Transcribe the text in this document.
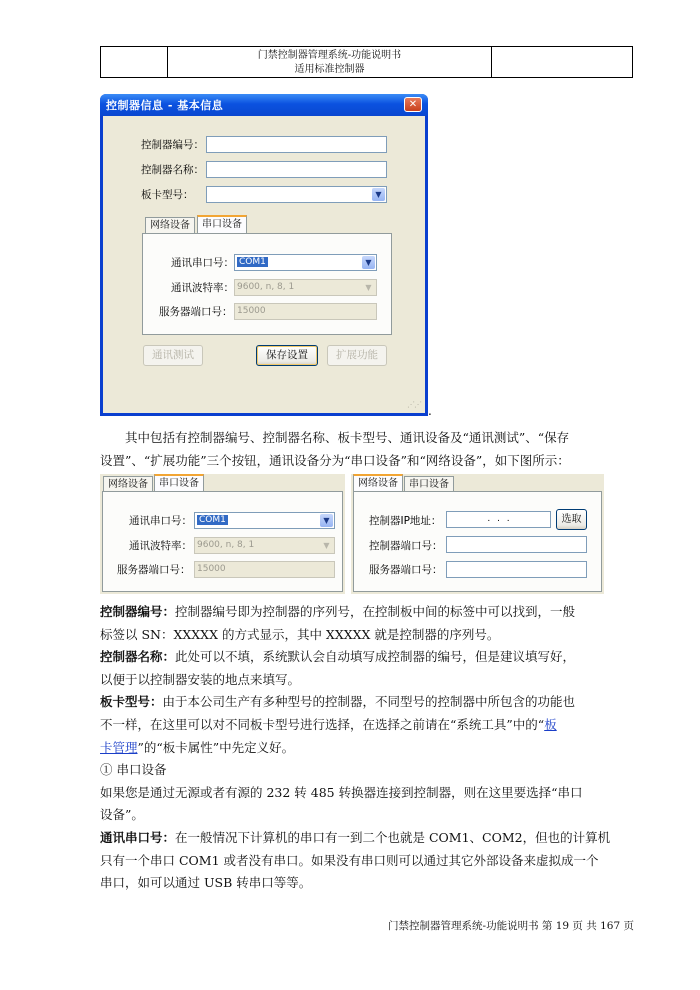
门禁控制器管理系统-功能说明书
适用标准控制器
控制器信息 - 基本信息	✕
控制器编号：
控制器名称：
板卡型号：	▼
网络设备	串口设备
通讯串口号： COM1	▼
通讯波特率： 9600, n, 8, 1	▼
服务器端口号： 15000
通讯测试	保存设置	扩展功能
⋰⋰ .
其中包括有控制器编号、控制器名称、板卡型号、通讯设备及“通讯测试”、“保存
设置”、“扩展功能”三个按钮，通讯设备分为“串口设备”和“网络设备”，如下图所示：
网络设备	串口设备
通讯串口号： COM1	▼
通讯波特率： 9600, n, 8, 1	▼
服务器端口号： 15000
网络设备	串口设备
控制器IP地址：	. . .	选取
控制器端口号：
服务器端口号：
控制器编号：控制器编号即为控制器的序列号，在控制板中间的标签中可以找到，一般
标签以 SN：XXXXX 的方式显示，其中 XXXXX 就是控制器的序列号。
控制器名称：此处可以不填，系统默认会自动填写成控制器的编号，但是建议填写好，
以便于以控制器安装的地点来填写。
板卡型号：由于本公司生产有多种型号的控制器，不同型号的控制器中所包含的功能也
不一样，在这里可以对不同板卡型号进行选择，在选择之前请在“系统工具”中的“板
卡管理”的“板卡属性”中先定义好。
① 串口设备
如果您是通过无源或者有源的 232 转 485 转换器连接到控制器，则在这里要选择“串口
设备”。
通讯串口号：在一般情况下计算机的串口有一到二个也就是 COM1、COM2，但也的计算机
只有一个串口 COM1 或者没有串口。如果没有串口则可以通过其它外部设备来虚拟成一个
串口，如可以通过 USB 转串口等等。
门禁控制器管理系统-功能说明书 第 19 页 共 167 页
